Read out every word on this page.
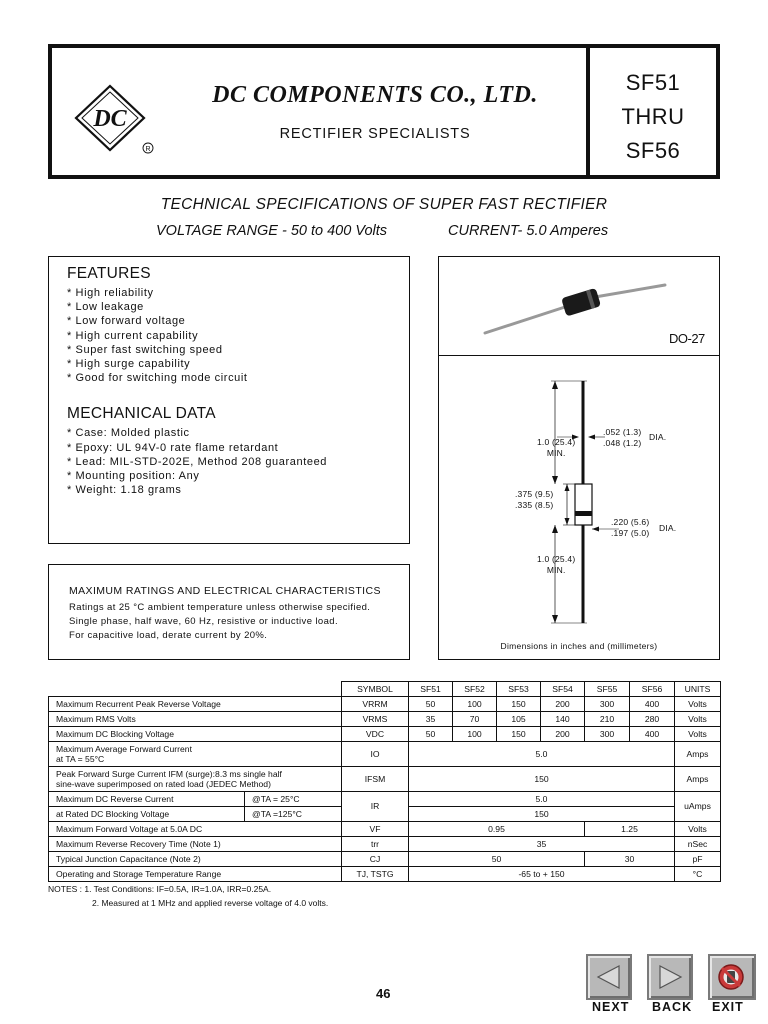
DC
R
DC COMPONENTS CO., LTD.
RECTIFIER SPECIALISTS
SF51
THRU
SF56
TECHNICAL SPECIFICATIONS OF SUPER FAST RECTIFIER
VOLTAGE RANGE - 50 to 400 Volts	CURRENT- 5.0 Amperes
FEATURES
* High reliability
* Low leakage
* Low forward voltage
* High current capability
* Super fast switching speed
* High surge capability
* Good for switching mode circuit
MECHANICAL DATA
* Case: Molded plastic
* Epoxy: UL 94V-0 rate flame retardant
* Lead: MIL-STD-202E, Method 208 guaranteed
* Mounting position: Any
* Weight: 1.18 grams
DO-27
1.0 (25.4)
MIN.
.052 (1.3)
.048 (1.2)
DIA.
.375 (9.5)
.335 (8.5)
.220 (5.6)
.197 (5.0) DIA.
1.0 (25.4)
MIN.
Dimensions in inches and (millimeters)
MAXIMUM RATINGS AND ELECTRICAL CHARACTERISTICS
Ratings at 25 °C ambient temperature unless otherwise specified.
Single phase, half wave, 60 Hz, resistive or inductive load.
For capacitive load, derate current by 20%.
		SYMBOL	SF51	SF52	SF53	SF54	SF55	SF56	UNITS
Maximum Recurrent Peak Reverse Voltage		VRRM	50	100	150	200	300	400	Volts
Maximum RMS Volts		VRMS	35	70	105	140	210	280	Volts
Maximum DC Blocking Voltage		VDC	50	100	150	200	300	400	Volts

Maximum Average Forward Current
at TA = 55°C		IO	5.0						Amps

Peak Forward Surge Current IFM (surge):8.3 ms single half
sine-wave superimposed on rated load (JEDEC Method)		IFSM	150						Amps
Maximum DC Reverse Current	@TA = 25°C	IR	5.0						uAmps
at Rated DC Blocking Voltage	@TA =125°C		150						
Maximum Forward Voltage at 5.0A DC		VF	0.95				1.25		Volts
Maximum Reverse Recovery Time (Note 1)		trr	35						nSec
Typical Junction Capacitance (Note 2)		CJ	50				30		pF
Operating and Storage Temperature Range		TJ, TSTG	-65 to + 150						°C
NOTES : 1. Test Conditions: IF=0.5A, IR=1.0A, IRR=0.25A.
2. Measured at 1 MHz and applied reverse voltage of 4.0 volts.
46
NEXT BACK EXIT
